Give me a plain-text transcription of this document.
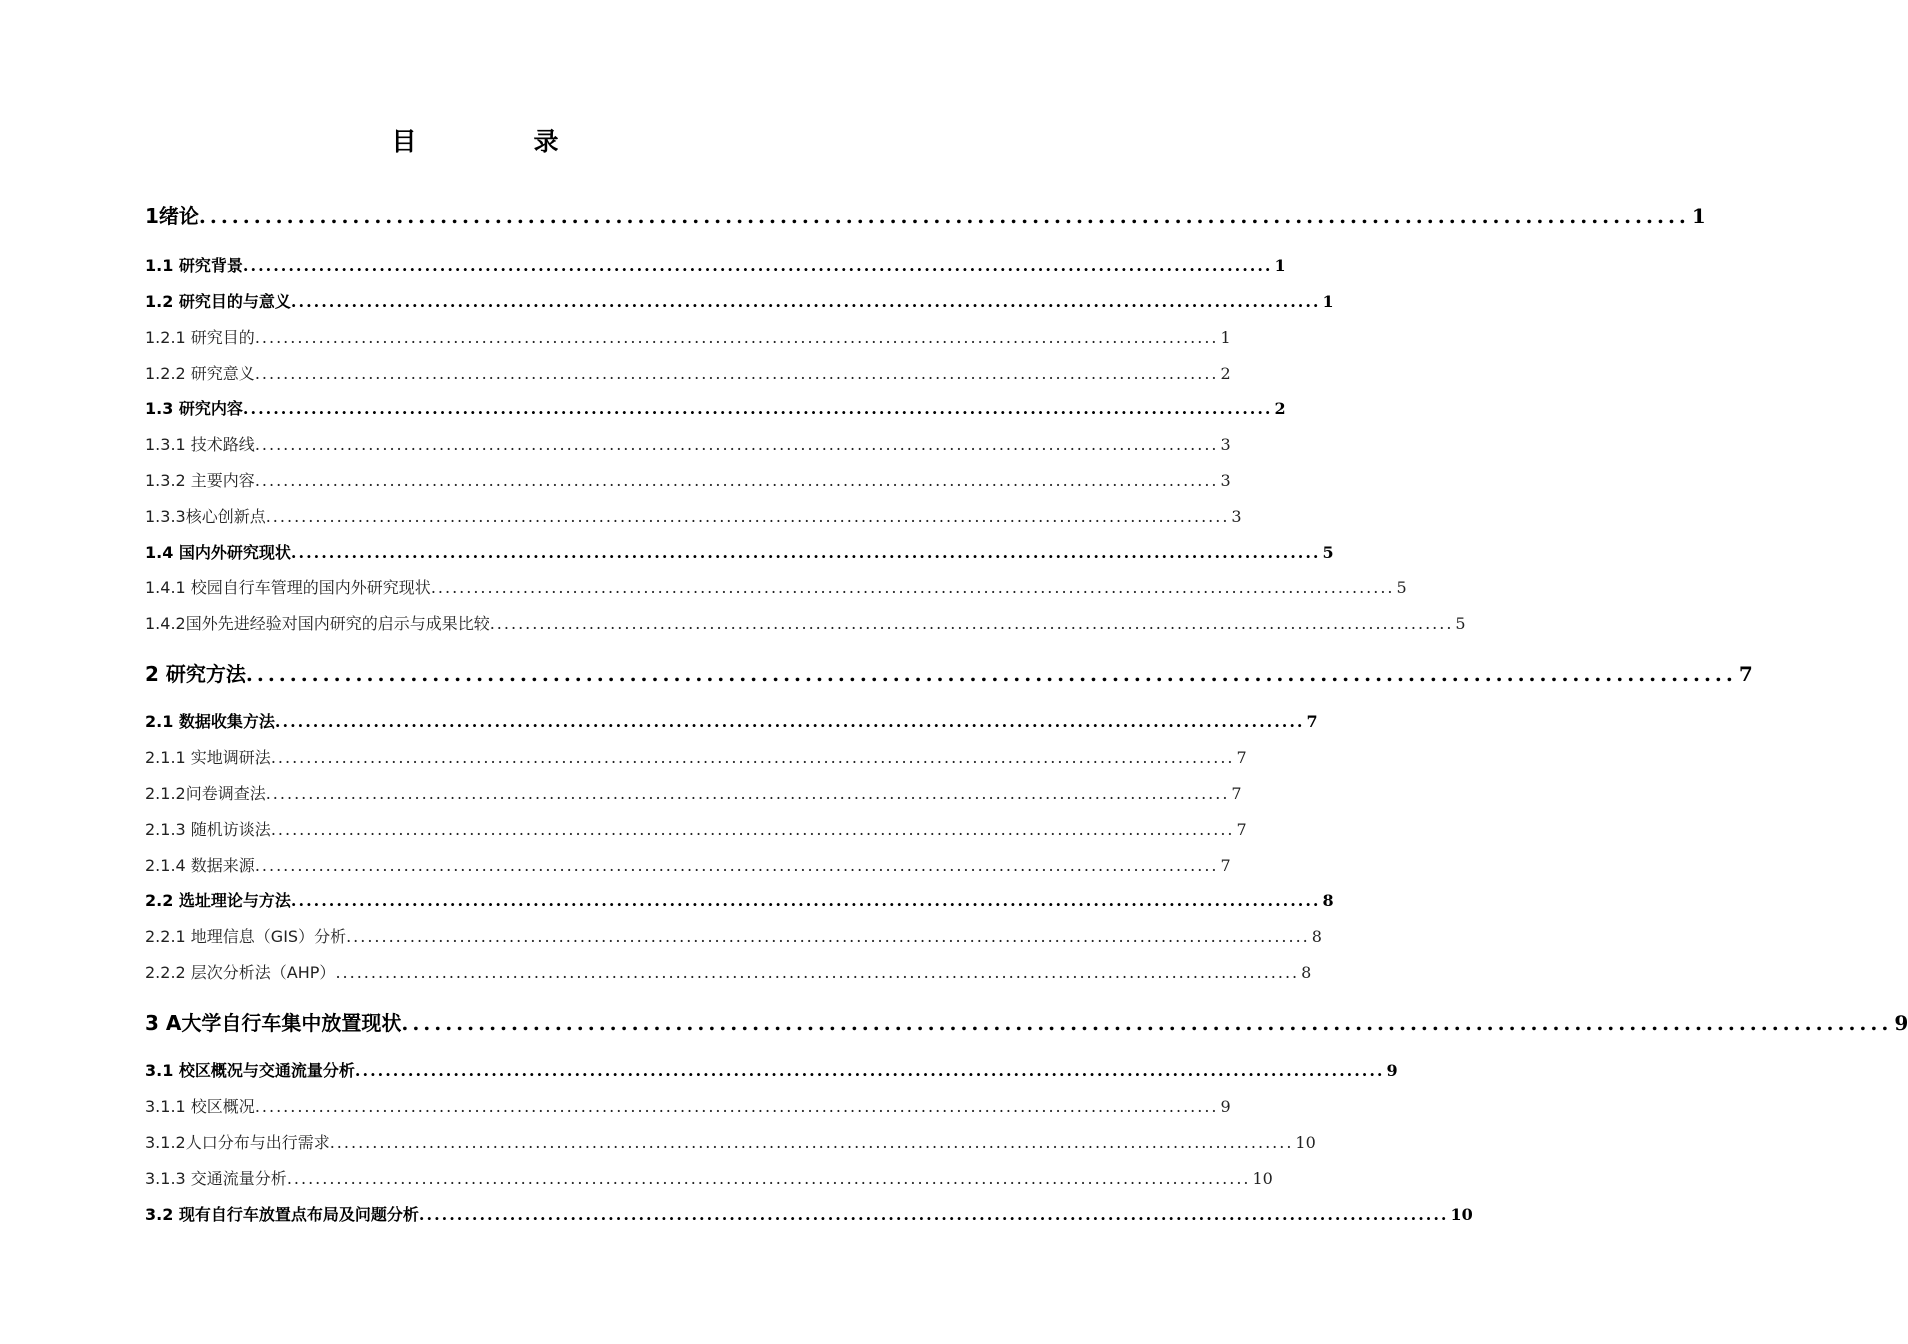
目　录
1绪论 ........................................................................................................................................ 1
1.1 研究背景 ........................................................................................................................................ 1
1.2 研究目的与意义 ........................................................................................................................................ 1
1.2.1 研究目的 ........................................................................................................................................ 1
1.2.2 研究意义 ........................................................................................................................................ 2
1.3 研究内容 ........................................................................................................................................ 2
1.3.1 技术路线 ........................................................................................................................................ 3
1.3.2 主要内容 ........................................................................................................................................ 3
1.3.3核心创新点 ........................................................................................................................................ 3
1.4 国内外研究现状 ........................................................................................................................................ 5
1.4.1 校园自行车管理的国内外研究现状 ........................................................................................................................................ 5
1.4.2国外先进经验对国内研究的启示与成果比较 ........................................................................................................................................ 5
2 研究方法 ........................................................................................................................................ 7
2.1 数据收集方法 ........................................................................................................................................ 7
2.1.1 实地调研法 ........................................................................................................................................ 7
2.1.2问卷调查法 ........................................................................................................................................ 7
2.1.3 随机访谈法 ........................................................................................................................................ 7
2.1.4 数据来源 ........................................................................................................................................ 7
2.2 选址理论与方法 ........................................................................................................................................ 8
2.2.1 地理信息（GIS）分析 ........................................................................................................................................ 8
2.2.2 层次分析法（AHP） ........................................................................................................................................ 8
3 A大学自行车集中放置现状 ........................................................................................................................................ 9
3.1 校区概况与交通流量分析 ........................................................................................................................................ 9
3.1.1 校区概况 ........................................................................................................................................ 9
3.1.2人口分布与出行需求 ........................................................................................................................................ 10
3.1.3 交通流量分析 ........................................................................................................................................ 10
3.2 现有自行车放置点布局及问题分析 ........................................................................................................................................ 10
